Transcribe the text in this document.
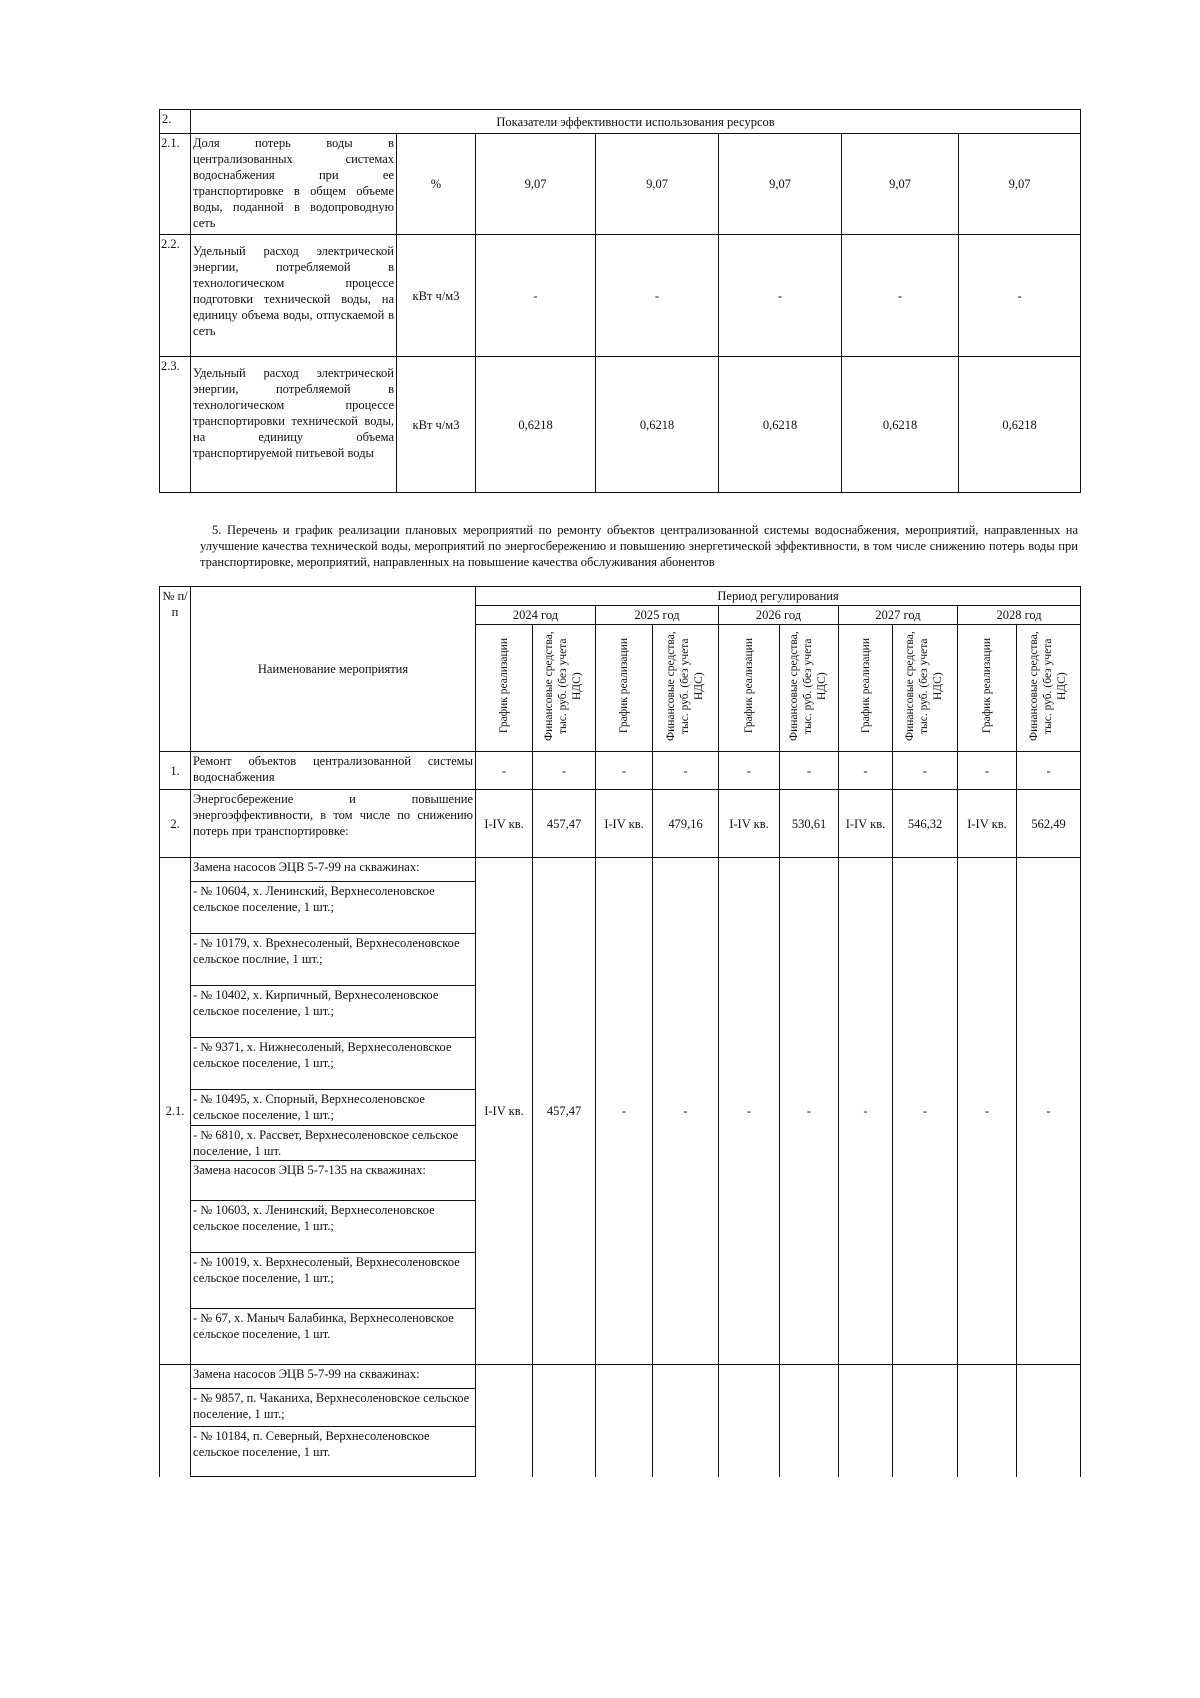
2.	Показатели эффективности использования ресурсов						
2.1.	Доля потерь воды в централизованных системах водоснабжения при ее транспортировке в общем объеме воды, поданной в водопроводную сеть	%	9,07	9,07	9,07	9,07	9,07
2.2.	Удельный расход электрической энергии, потребляемой в технологическом процессе подготовки технической воды, на единицу объема воды, отпускаемой в сеть	кВт ч/м3	-	-	-	-	-
2.3.	Удельный расход электрической энергии, потребляемой в технологическом процессе транспортировки технической воды, на единицу объема транспортируемой питьевой воды	кВт ч/м3	0,6218	0,6218	0,6218	0,6218	0,6218
5. Перечень и график реализации плановых мероприятий по ремонту объектов централизованной системы водоснабжения, мероприятий, направленных на улучшение качества технической воды, мероприятий по энергосбережению и повышению энергетической эффективности, в том числе снижению потерь воды при транспортировке, мероприятий, направленных на повышение качества обслуживания абонентов
№ п/п	Наименование мероприятия	Период регулирования									
		2024 год		2025 год		2026 год		2027 год		2028 год	
		График реализации	Финансовые средства, тыс. руб. (без учета НДС)	График реализации	Финансовые средства, тыс. руб. (без учета НДС)	График реализации	Финансовые средства, тыс. руб. (без учета НДС)	График реализации	Финансовые средства, тыс. руб. (без учета НДС)	График реализации	Финансовые средства, тыс. руб. (без учета НДС)
1.	Ремонт объектов централизованной системы водоснабжения	-	-	-	-	-	-	-	-	-	-
2.	Энергосбережение и повышение энергоэффективности, в том числе по снижению потерь при транспортировке:	I-IV кв.	457,47	I-IV кв.	479,16	I-IV кв.	530,61	I-IV кв.	546,32	I-IV кв.	562,49
2.1.	Замена насосов ЭЦВ 5-7-99 на скважинах:	I-IV кв.	457,47	-	-	-	-	-	-	-	-
	- № 10604, х. Ленинский, Верхнесоленовское сельское поселение, 1 шт.;										
	- № 10179, х. Врехнесоленый, Верхнесоленовское сельское послние, 1 шт.;										
	- № 10402, х. Кирпичный, Верхнесоленовское сельское поселение, 1 шт.;										
	- № 9371, х. Нижнесоленый, Верхнесоленовское сельское поселение, 1 шт.;										
	- № 10495, х. Спорный, Верхнесоленовское сельское поселение, 1 шт.;										
	- № 6810, х. Рассвет, Верхнесоленовское сельское поселение, 1 шт.										
	Замена насосов ЭЦВ 5-7-135 на скважинах:										
	- № 10603, х. Ленинский, Верхнесоленовское сельское поселение, 1 шт.;										
	- № 10019, х. Верхнесоленый, Верхнесоленовское сельское поселение, 1 шт.;										
	- № 67, х. Маныч Балабинка, Верхнесоленовское сельское поселение, 1 шт.										
	Замена насосов ЭЦВ 5-7-99 на скважинах:										
	- № 9857, п. Чаканиха, Верхнесоленовское сельское поселение, 1 шт.;										
	- № 10184, п. Северный, Верхнесоленовское сельское поселение, 1 шт.										
